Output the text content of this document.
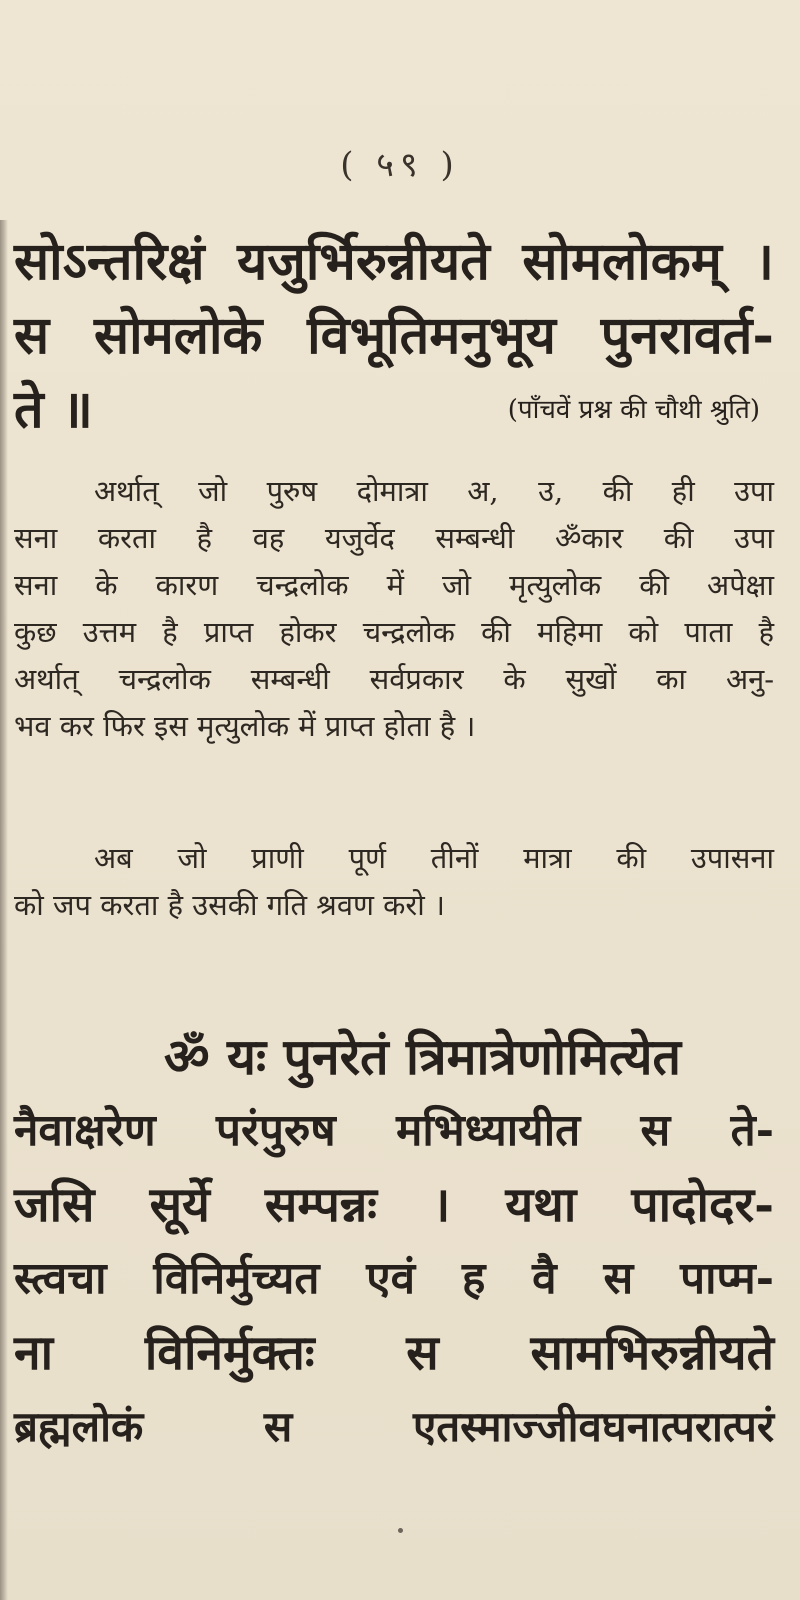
( ५९ )
सोऽन्तरिक्षं यजुर्भिरुन्नीयते सोमलोकम् ।
स सोमलोके विभूतिमनुभूय पुनरावर्त-
ते ॥	(पाँचवें प्रश्न की चौथी श्रुति)
अर्थात् जो पुरुष दोमात्रा अ, उ, की ही उपा
सना करता है वह यजुर्वेद सम्बन्धी ॐकार की उपा
सना के कारण चन्द्रलोक में जो मृत्युलोक की अपेक्षा
कुछ उत्तम है प्राप्त होकर चन्द्रलोक की महिमा को पाता है
अर्थात् चन्द्रलोक सम्बन्धी सर्वप्रकार के सुखों का अनु-
भव कर फिर इस मृत्युलोक में प्राप्त होता है ।
अब जो प्राणी पूर्ण तीनों मात्रा की उपासना
को जप करता है उसकी गति श्रवण करो ।
ॐ यः पुनरेतं त्रिमात्रेणोमित्येत
नैवाक्षरेण परंपुरुष मभिध्यायीत स ते-
जसि सूर्ये सम्पन्नः । यथा पादोदर-
स्त्वचा विनिर्मुच्यत एवं ह वै स पाप्म-
ना विनिर्मुक्तः स सामभिरुन्नीयते
ब्रह्मलोकं स एतस्माज्जीवघनात्परात्परं
